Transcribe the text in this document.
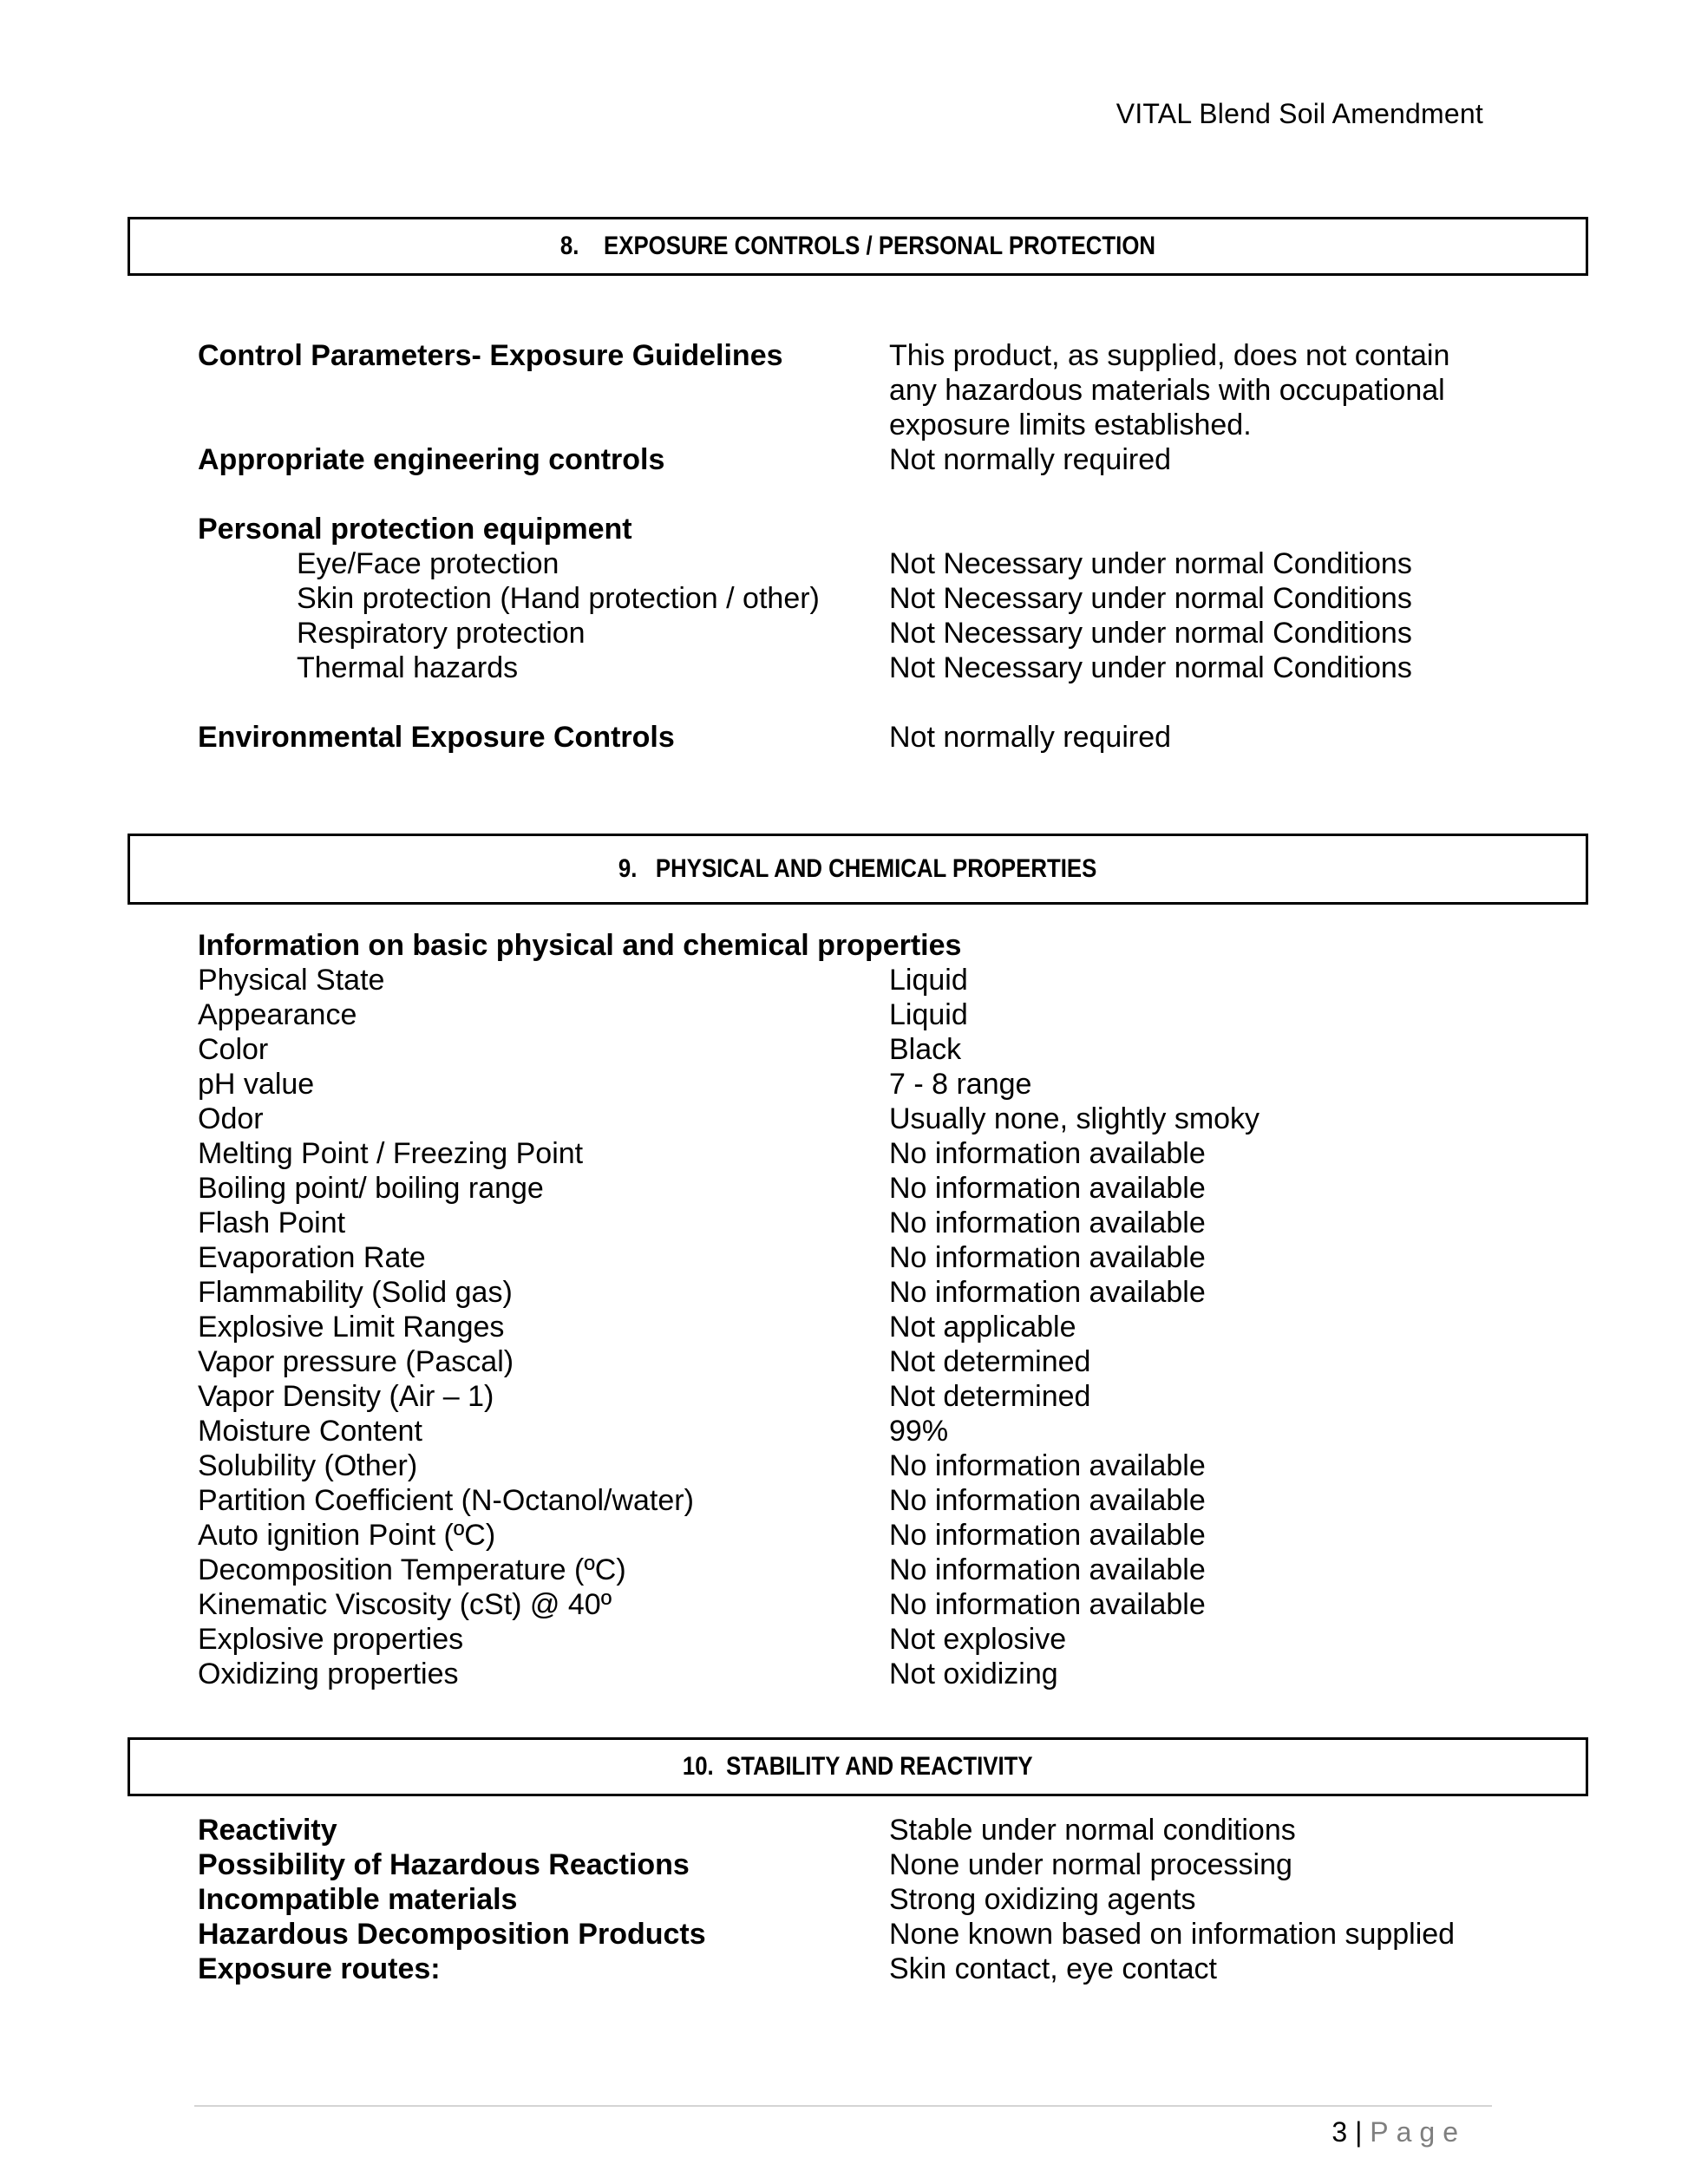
VITAL Blend Soil Amendment
8.    EXPOSURE CONTROLS / PERSONAL PROTECTION
Control Parameters- Exposure Guidelines	This product, as supplied, does not contain
any hazardous materials with occupational
exposure limits established.
Appropriate engineering controls	Not normally required
Personal protection equipment
Eye/Face protection	Not Necessary under normal Conditions
Skin protection (Hand protection / other) Not Necessary under normal Conditions
Respiratory protection	Not Necessary under normal Conditions
Thermal hazards	Not Necessary under normal Conditions
Environmental Exposure Controls	Not normally required
9.   PHYSICAL AND CHEMICAL PROPERTIES
Information on basic physical and chemical properties
Physical State	Liquid
Appearance	Liquid
Color	Black
pH value	7 - 8 range
Odor	Usually none, slightly smoky
Melting Point / Freezing Point	No information available
Boiling point/ boiling range	No information available
Flash Point	No information available
Evaporation Rate	No information available
Flammability (Solid gas)	No information available
Explosive Limit Ranges	Not applicable
Vapor pressure (Pascal)	Not determined
Vapor Density (Air – 1)	Not determined
Moisture Content	99%
Solubility (Other)	No information available
Partition Coefficient (N-Octanol/water)	No information available
Auto ignition Point (ºC)	No information available
Decomposition Temperature (ºC)	No information available
Kinematic Viscosity (cSt) @ 40º	No information available
Explosive properties	Not explosive
Oxidizing properties	Not oxidizing
10.  STABILITY AND REACTIVITY
Reactivity	Stable under normal conditions
Possibility of Hazardous Reactions	None under normal processing
Incompatible materials	Strong oxidizing agents
Hazardous Decomposition Products	None known based on information supplied
Exposure routes:	Skin contact, eye contact
3 | Page
